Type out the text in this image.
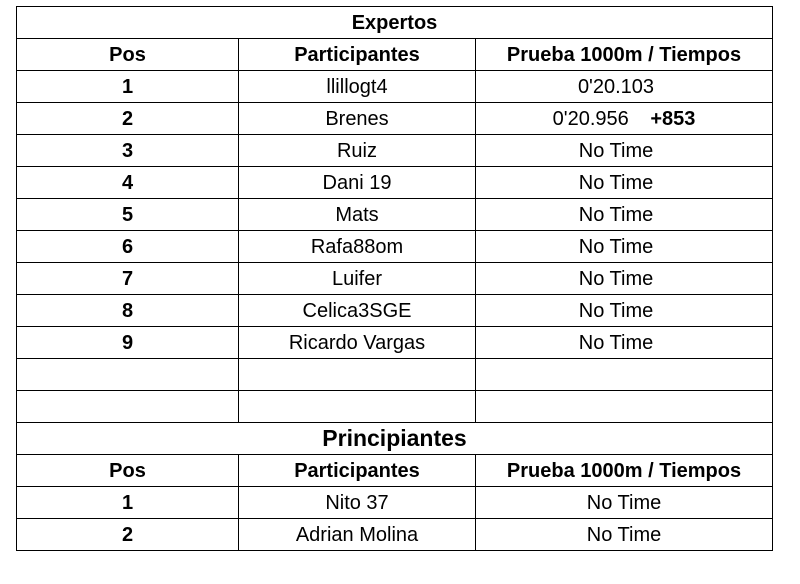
Expertos		
Pos	Participantes	Prueba 1000m / Tiempos
1	llillogt4	0'20.103
2	Brenes	0'20.956 +853
3	Ruiz	No Time
4	Dani 19	No Time
5	Mats	No Time
6	Rafa88om	No Time
7	Luifer	No Time
8	Celica3SGE	No Time
9	Ricardo Vargas	No Time

Principiantes		
Pos	Participantes	Prueba 1000m / Tiempos
1	Nito 37	No Time
2	Adrian Molina	No Time
